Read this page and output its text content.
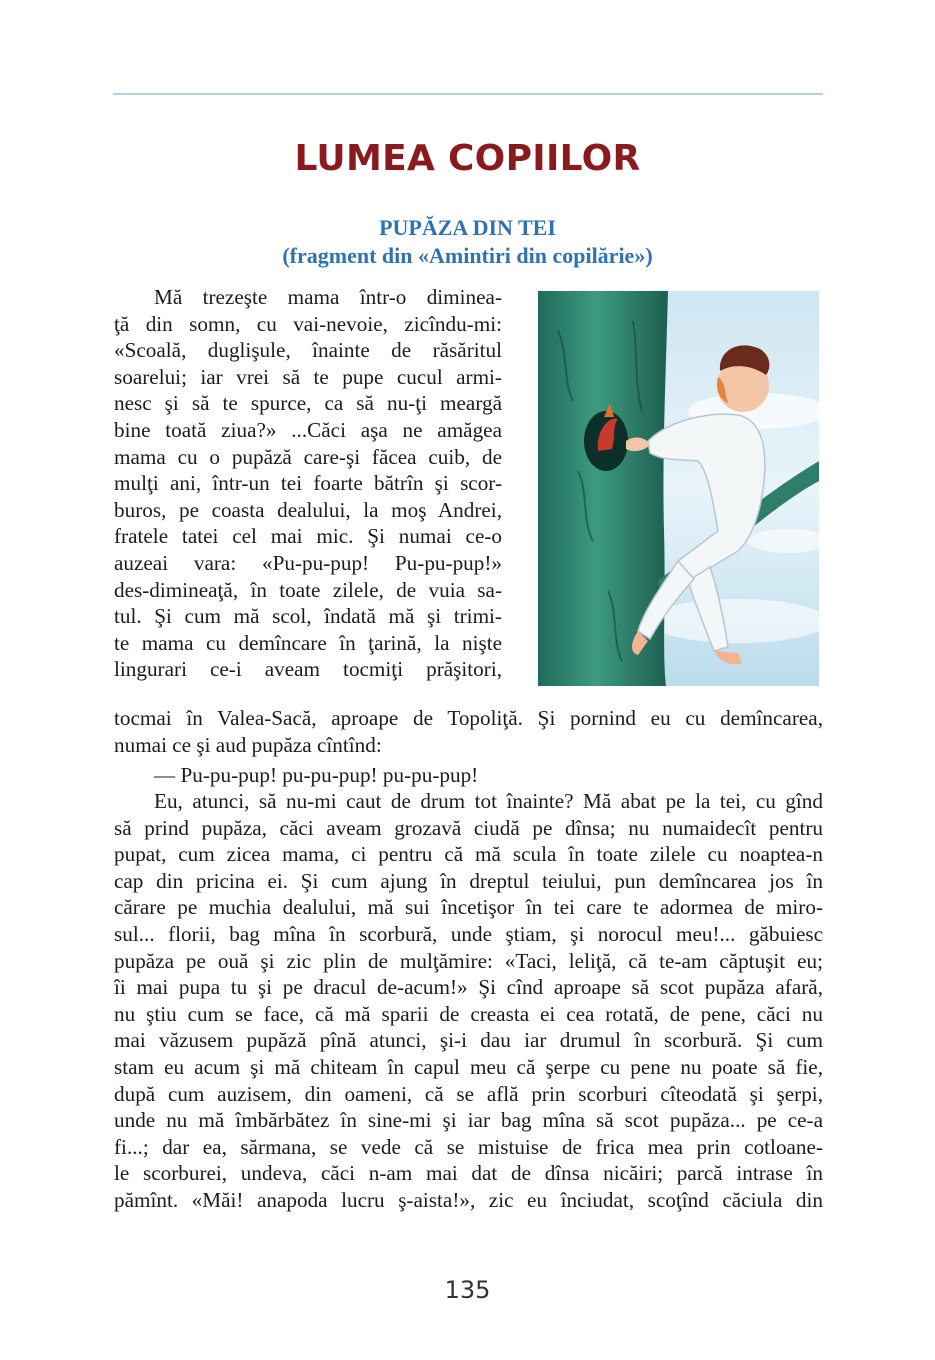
LUMEA COPIILOR
PUPĂZA DIN TEI
(fragment din «Amintiri din copilărie»)
Mă trezeşte mama într-o diminea-
ţă din somn, cu vai-nevoie, zicîndu-mi:
«Scoală, duglişule, înainte de răsăritul
soarelui; iar vrei să te pupe cucul armi-
nesc şi să te spurce, ca să nu-ţi meargă
bine toată ziua?» ...Căci aşa ne amăgea
mama cu o pupăză care-şi făcea cuib, de
mulţi ani, într-un tei foarte bătrîn şi scor-
buros, pe coasta dealului, la moş Andrei,
fratele tatei cel mai mic. Şi numai ce-o
auzeai vara: «Pu-pu-pup! Pu-pu-pup!»
des-dimineaţă, în toate zilele, de vuia sa-
tul. Şi cum mă scol, îndată mă şi trimi-
te mama cu demîncare în ţarină, la nişte
lingurari ce-i aveam tocmiţi prăşitori,
tocmai în Valea-Sacă, aproape de Topoliţă. Şi pornind eu cu demîncarea,
numai ce şi aud pupăza cîntînd:
— Pu-pu-pup! pu-pu-pup! pu-pu-pup!
Eu, atunci, să nu-mi caut de drum tot înainte? Mă abat pe la tei, cu gînd
să prind pupăza, căci aveam grozavă ciudă pe dînsa; nu numaidecît pentru
pupat, cum zicea mama, ci pentru că mă scula în toate zilele cu noaptea-n
cap din pricina ei. Şi cum ajung în dreptul teiului, pun demîncarea jos în
cărare pe muchia dealului, mă sui încetişor în tei care te adormea de miro-
sul... florii, bag mîna în scorbură, unde ştiam, şi norocul meu!... găbuiesc
pupăza pe ouă şi zic plin de mulţămire: «Taci, leliţă, că te-am căptuşit eu;
îi mai pupa tu şi pe dracul de-acum!» Şi cînd aproape să scot pupăza afară,
nu ştiu cum se face, că mă sparii de creasta ei cea rotată, de pene, căci nu
mai văzusem pupăză pînă atunci, şi-i dau iar drumul în scorbură. Şi cum
stam eu acum şi mă chiteam în capul meu că şerpe cu pene nu poate să fie,
după cum auzisem, din oameni, că se află prin scorburi cîteodată şi şerpi,
unde nu mă îmbărbătez în sine-mi şi iar bag mîna să scot pupăza... pe ce-a
fi...; dar ea, sărmana, se vede că se mistuise de frica mea prin cotloane-
le scorburei, undeva, căci n-am mai dat de dînsa nicăiri; parcă intrase în
pămînt. «Măi! anapoda lucru ş-aista!», zic eu înciudat, scoţînd căciula din
135
